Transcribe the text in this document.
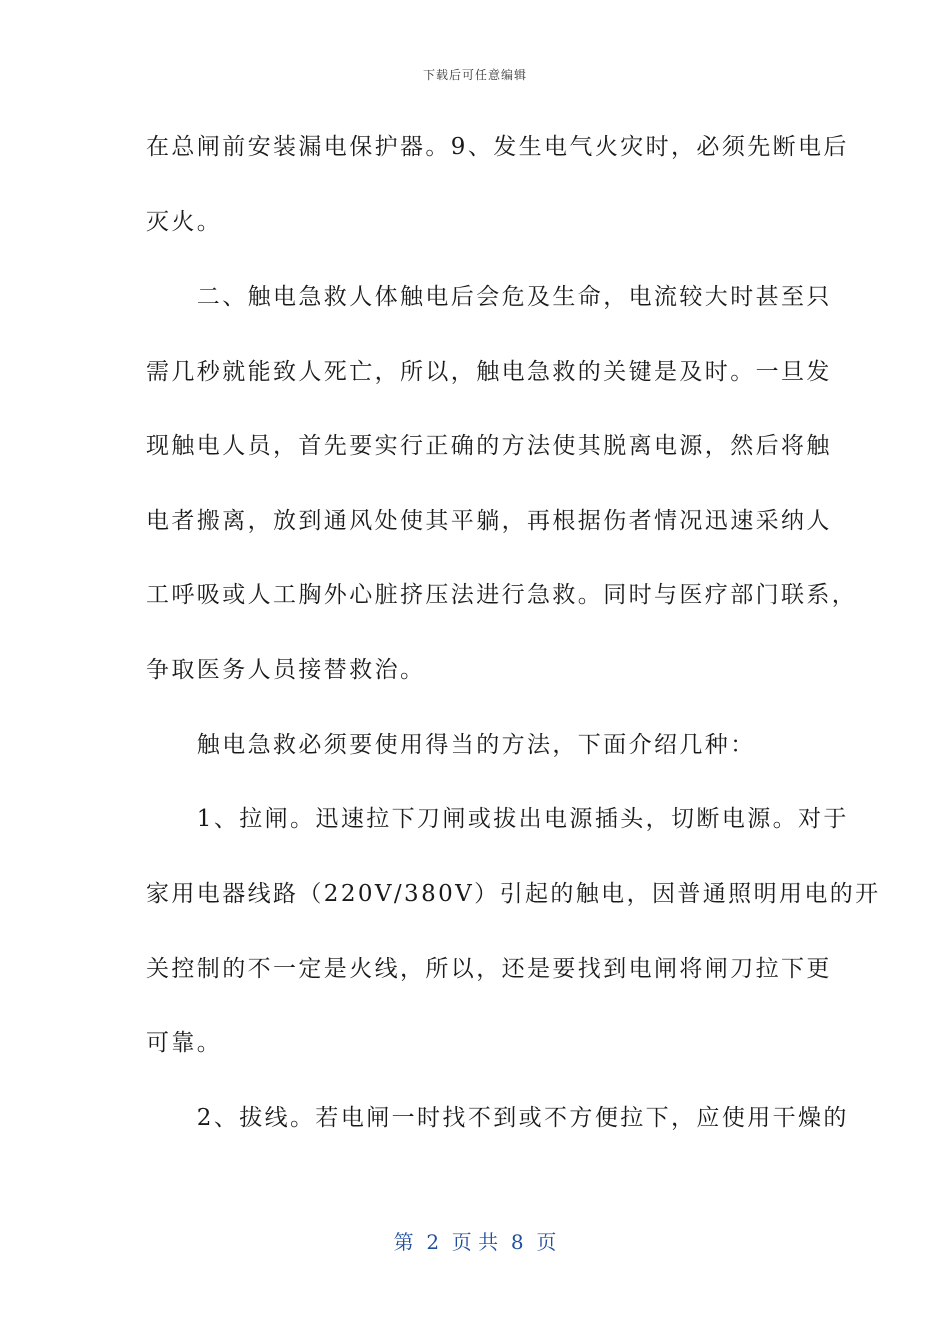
下载后可任意编辑
在总闸前安装漏电保护器。9、发生电气火灾时，必须先断电后
灭火。
　　二、触电急救人体触电后会危及生命，电流较大时甚至只
需几秒就能致人死亡，所以，触电急救的关键是及时。一旦发
现触电人员，首先要实行正确的方法使其脱离电源，然后将触
电者搬离，放到通风处使其平躺，再根据伤者情况迅速采纳人
工呼吸或人工胸外心脏挤压法进行急救。同时与医疗部门联系，
争取医务人员接替救治。
　　触电急救必须要使用得当的方法，下面介绍几种：
　　1、拉闸。迅速拉下刀闸或拔出电源插头，切断电源。对于
家用电器线路（220V/380V）引起的触电，因普通照明用电的开
关控制的不一定是火线，所以，还是要找到电闸将闸刀拉下更
可靠。
　　2、拔线。若电闸一时找不到或不方便拉下，应使用干燥的
第  2  页 共  8  页
